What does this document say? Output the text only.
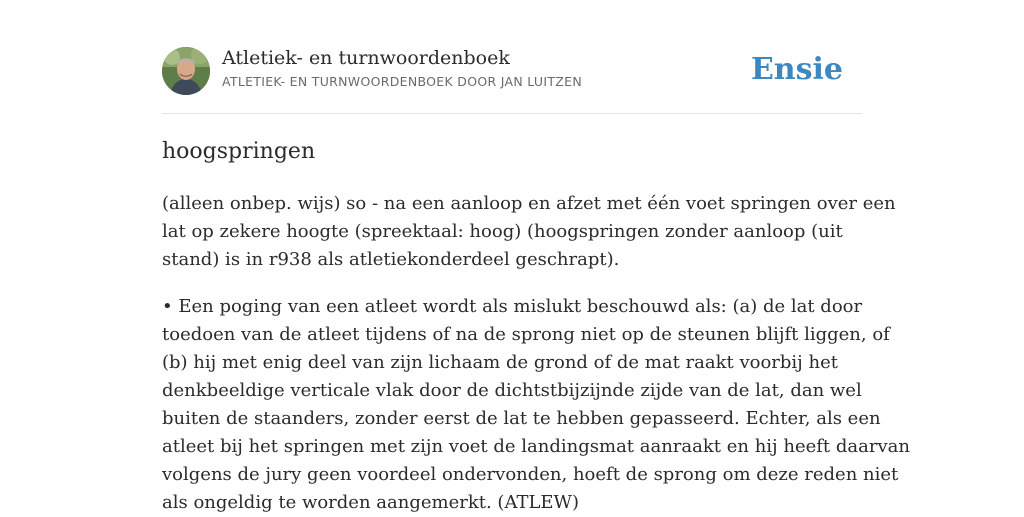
Atletiek- en turnwoordenboek
ATLETIEK- EN TURNWOORDENBOEK DOOR JAN LUITZEN	Ensie
hoogspringen

(alleen onbep. wijs) so - na een aanloop en afzet met één voet springen over een
lat op zekere hoogte (spreektaal: hoog) (hoogspringen zonder aanloop (uit
stand) is in r938 als atletiekonderdeel geschrapt).

• Een poging van een atleet wordt als mislukt beschouwd als: (a) de lat door
toedoen van de atleet tijdens of na de sprong niet op de steunen blijft liggen, of
(b) hij met enig deel van zijn lichaam de grond of de mat raakt voorbij het
denkbeeldige verticale vlak door de dichtstbijzijnde zijde van de lat, dan wel
buiten de staanders, zonder eerst de lat te hebben gepasseerd. Echter, als een
atleet bij het springen met zijn voet de landingsmat aanraakt en hij heeft daarvan
volgens de jury geen voordeel ondervonden, hoeft de sprong om deze reden niet
als ongeldig te worden aangemerkt. (ATLEW)
